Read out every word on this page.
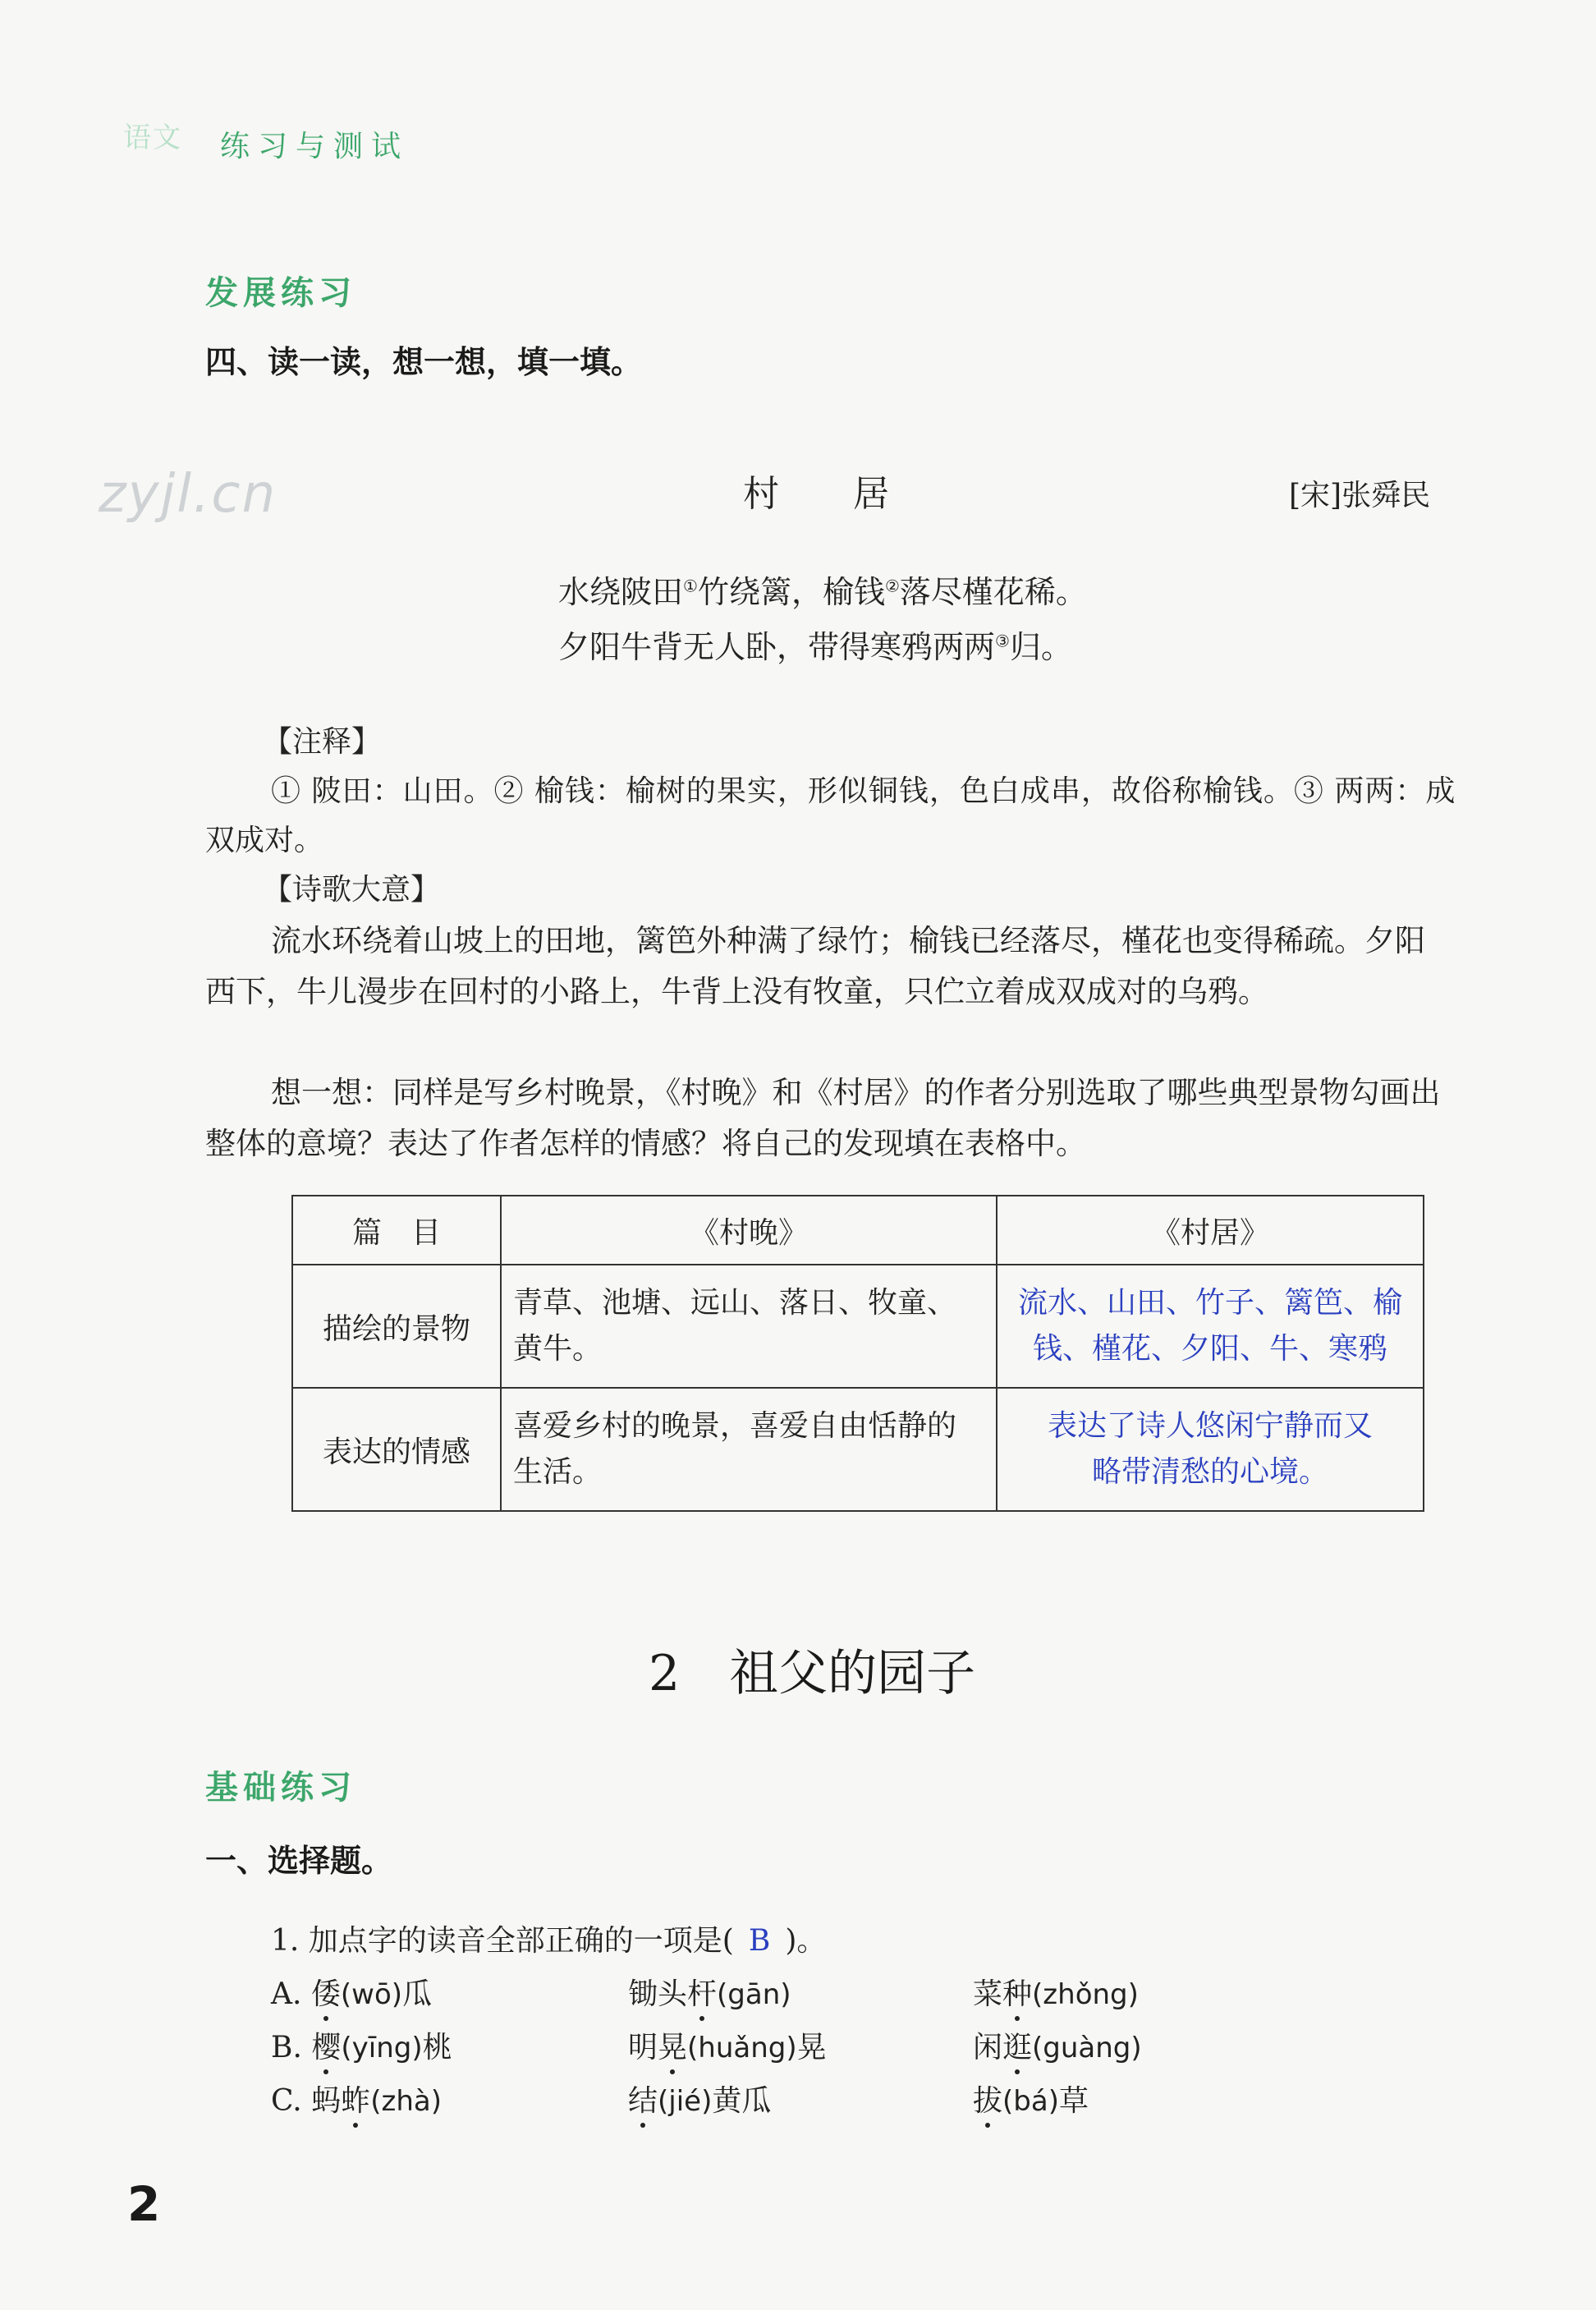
语文 练习与测试
发展练习
四、读一读，想一想，填一填。
zyjl.cn	村居	[宋]张舜民
水绕陂田①竹绕篱，榆钱②落尽槿花稀。
夕阳牛背无人卧，带得寒鸦两两③归。
【注释】
① 陂田：山田。② 榆钱：榆树的果实，形似铜钱，色白成串，故俗称榆钱。③ 两两：成
双成对。
【诗歌大意】
流水环绕着山坡上的田地，篱笆外种满了绿竹；榆钱已经落尽，槿花也变得稀疏。夕阳西下，牛儿漫步在回村的小路上，牛背上没有牧童，只伫立着成双成对的乌鸦。
想一想：同样是写乡村晚景，《村晚》和《村居》的作者分别选取了哪些典型景物勾画出整体的意境？表达了作者怎样的情感？将自己的发现填在表格中。
篇　目	《村晚》	《村居》
描绘的景物	青草、池塘、远山、落日、牧童、黄牛。	流水、山田、竹子、篱笆、榆钱、槿花、夕阳、牛、寒鸦
表达的情感	喜爱乡村的晚景，喜爱自由恬静的生活。	表达了诗人悠闲宁静而又略带清愁的心境。
2 祖父的园子
基础练习
一、选择题。
1. 加点字的读音全部正确的一项是( B )。
A. 倭(wō)瓜	锄头杆(gān)	菜种(zhǒng)
B. 樱(yīng)桃	明晃(huǎng)晃	闲逛(guàng)
C. 蚂蚱(zhà)	结(jié)黄瓜	拔(bá)草
2
